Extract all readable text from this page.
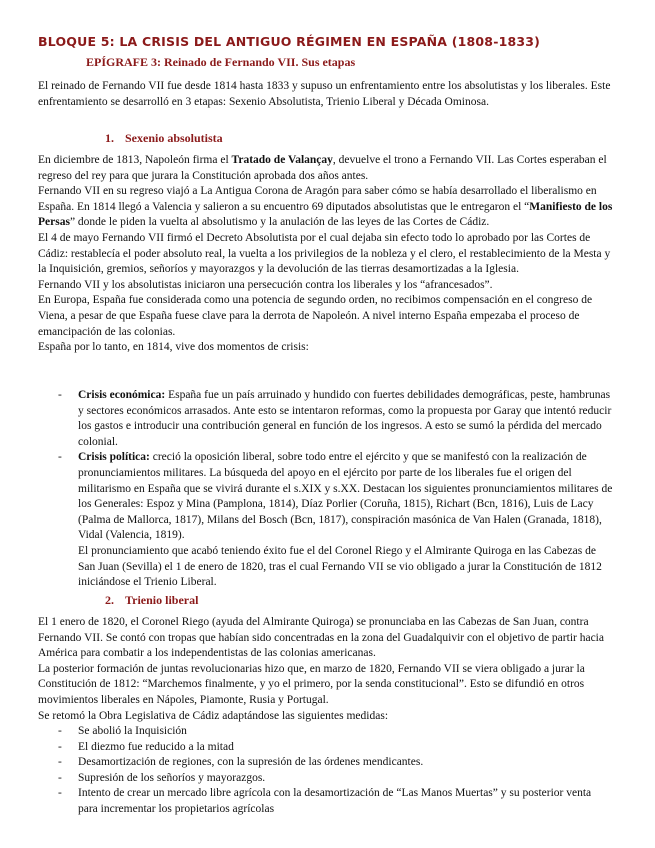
BLOQUE 5: LA CRISIS DEL ANTIGUO RÉGIMEN EN ESPAÑA (1808-1833)
EPÍGRAFE 3: Reinado de Fernando VII. Sus etapas

El reinado de Fernando VII fue desde 1814 hasta 1833 y supuso un enfrentamiento entre los absolutistas y los liberales. Este enfrentamiento se desarrolló en 3 etapas: Sexenio Absolutista, Trienio Liberal y Década Ominosa.

1. Sexenio absolutista

En diciembre de 1813, Napoleón firma el Tratado de Valançay, devuelve el trono a Fernando VII. Las Cortes esperaban el regreso del rey para que jurara la Constitución aprobada dos años antes.

Fernando VII en su regreso viajó a La Antigua Corona de Aragón para saber cómo se había desarrollado el liberalismo en España. En 1814 llegó a Valencia y salieron a su encuentro 69 diputados absolutistas que le entregaron el “Manifiesto de los Persas” donde le piden la vuelta al absolutismo y la anulación de las leyes de las Cortes de Cádiz.

El 4 de mayo Fernando VII firmó el Decreto Absolutista por el cual dejaba sin efecto todo lo aprobado por las Cortes de Cádiz: restablecía el poder absoluto real, la vuelta a los privilegios de la nobleza y el clero, el restablecimiento de la Mesta y la Inquisición, gremios, señoríos y mayorazgos y la devolución de las tierras desamortizadas a la Iglesia.

Fernando VII y los absolutistas iniciaron una persecución contra los liberales y los “afrancesados”.

En Europa, España fue considerada como una potencia de segundo orden, no recibimos compensación en el congreso de Viena, a pesar de que España fuese clave para la derrota de Napoleón. A nivel interno España empezaba el proceso de emancipación de las colonias.

España por lo tanto, en 1814, vive dos momentos de crisis:

- Crisis económica: España fue un país arruinado y hundido con fuertes debilidades demográficas, peste, hambrunas y sectores económicos arrasados. Ante esto se intentaron reformas, como la propuesta por Garay que intentó reducir los gastos e introducir una contribución general en función de los ingresos. A esto se sumó la pérdida del mercado colonial.
- Crisis política: creció la oposición liberal, sobre todo entre el ejército y que se manifestó con la realización de pronunciamientos militares. La búsqueda del apoyo en el ejército por parte de los liberales fue el origen del militarismo en España que se vivirá durante el s.XIX y s.XX. Destacan los siguientes pronunciamientos militares de los Generales: Espoz y Mina (Pamplona, 1814), Díaz Porlier (Coruña, 1815), Richart (Bcn, 1816), Luis de Lacy (Palma de Mallorca, 1817), Milans del Bosch (Bcn, 1817), conspiración masónica de Van Halen (Granada, 1818), Vidal (Valencia, 1819).
El pronunciamiento que acabó teniendo éxito fue el del Coronel Riego y el Almirante Quiroga en las Cabezas de San Juan (Sevilla) el 1 de enero de 1820, tras el cual Fernando VII se vio obligado a jurar la Constitución de 1812 iniciándose el Trienio Liberal.
2. Trienio liberal

El 1 enero de 1820, el Coronel Riego (ayuda del Almirante Quiroga) se pronunciaba en las Cabezas de San Juan, contra Fernando VII. Se contó con tropas que habían sido concentradas en la zona del Guadalquivir con el objetivo de partir hacia América para combatir a los independentistas de las colonias americanas.

La posterior formación de juntas revolucionarias hizo que, en marzo de 1820, Fernando VII se viera obligado a jurar la Constitución de 1812: “Marchemos finalmente, y yo el primero, por la senda constitucional”. Esto se difundió en otros movimientos liberales en Nápoles, Piamonte, Rusia y Portugal.

Se retomó la Obra Legislativa de Cádiz adaptándose las siguientes medidas:

- Se abolió la Inquisición
- El diezmo fue reducido a la mitad
- Desamortización de regiones, con la supresión de las órdenes mendicantes.
- Supresión de los señoríos y mayorazgos.
- Intento de crear un mercado libre agrícola con la desamortización de “Las Manos Muertas” y su posterior venta para incrementar los propietarios agrícolas
